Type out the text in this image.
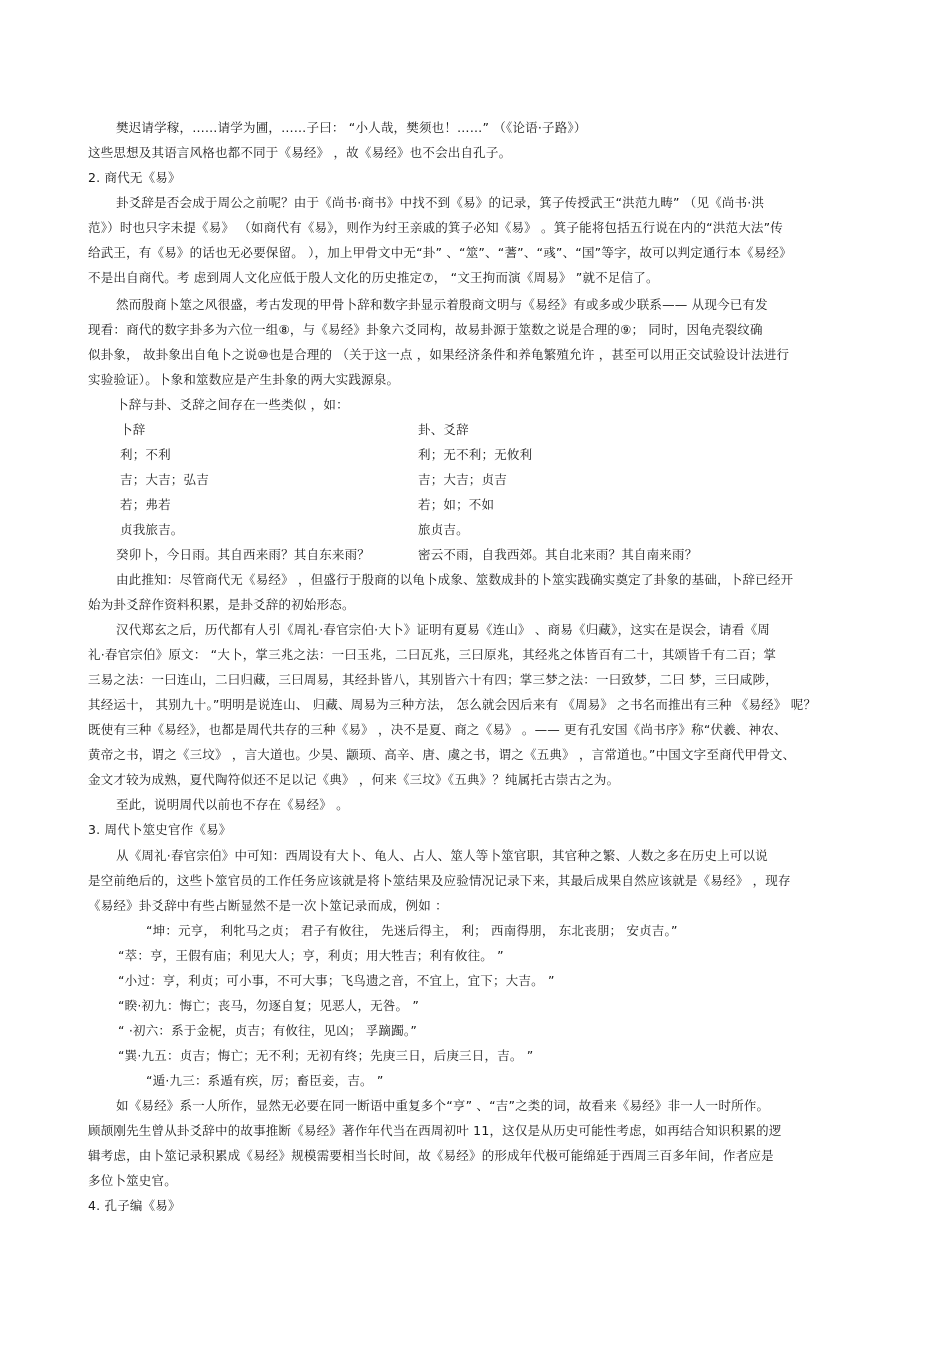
樊迟请学稼，……请学为圃，……子曰： “小人哉，樊须也！……” （《论语·子路》）
这些思想及其语言风格也都不同于《易经》 ，故《易经》也不会出自孔子。
2. 商代无《易》
卦爻辞是否会成于周公之前呢？由于《尚书·商书》中找不到《易》的记录，箕子传授武王“洪范九畴” （见《尚书·洪
范》）时也只字未提《易》 （如商代有《易》，则作为纣王亲戚的箕子必知《易》 。箕子能将包括五行说在内的“洪范大法”传
给武王，有《易》的话也无必要保留。 ），加上甲骨文中无“卦” 、“筮”、“蓍”、“彧”、“国”等字，故可以判定通行本《易经》
不是出自商代。考 虑到周人文化应低于殷人文化的历史推定⑦， “文王拘而演《周易》 ”就不足信了。
然而殷商卜筮之风很盛，考古发现的甲骨卜辞和数字卦显示着殷商文明与《易经》有或多或少联系—— 从现今已有发
现看：商代的数字卦多为六位一组⑧，与《易经》卦象六爻同构，故易卦源于筮数之说是合理的⑨； 同时，因龟壳裂纹确
似卦象， 故卦象出自龟卜之说⑩也是合理的 （关于这一点 ，如果经济条件和养龟繁殖允许 ，甚至可以用正交试验设计法进行
实验验证）。卜象和筮数应是产生卦象的两大实践源泉。
卜辞与卦、爻辞之间存在一些类似 ，如：
卜辞	卦、爻辞
利；不利	利；无不利；无攸利
吉；大吉；弘吉	吉；大吉；贞吉
若；弗若	若；如；不如
贞我旅吉。	旅贞吉。
癸卯卜，今日雨。其自西来雨？其自东来雨？	密云不雨，自我西郊。其自北来雨？其自南来雨？
由此推知：尽管商代无《易经》 ，但盛行于殷商的以龟卜成象、筮数成卦的卜筮实践确实奠定了卦象的基础，卜辞已经开
始为卦爻辞作资料积累，是卦爻辞的初始形态。
汉代郑玄之后，历代都有人引《周礼·春官宗伯·大卜》证明有夏易《连山》 、商易《归藏》，这实在是误会，请看《周
礼·春官宗伯》原文： “大卜，掌三兆之法：一曰玉兆，二曰瓦兆，三曰原兆，其经兆之体皆百有二十，其颂皆千有二百；掌
三易之法：一曰连山，二曰归藏，三曰周易，其经卦皆八，其别皆六十有四；掌三梦之法：一曰致梦，二曰 梦，三曰咸陟，
其经运十， 其别九十。”明明是说连山、 归藏、周易为三种方法， 怎么就会因后来有 《周易》 之书名而推出有三种 《易经》 呢？
既使有三种《易经》，也都是周代共存的三种《易》 ，决不是夏、商之《易》 。—— 更有孔安国《尚书序》称“伏羲、神农、
黄帝之书，谓之《三坟》 ，言大道也。少昊、颛顼、高辛、唐、虞之书，谓之《五典》 ，言常道也。”中国文字至商代甲骨文、
金文才较为成熟，夏代陶符似还不足以记《典》 ，何来《三坟》《五典》？纯属托古崇古之为。
至此，说明周代以前也不存在《易经》 。
3. 周代卜筮史官作《易》
从《周礼·春官宗伯》中可知：西周设有大卜、龟人、占人、筮人等卜筮官职，其官种之繁、人数之多在历史上可以说
是空前绝后的，这些卜筮官员的工作任务应该就是将卜筮结果及应验情况记录下来，其最后成果自然应该就是《易经》 ，现存
《易经》卦爻辞中有些占断显然不是一次卜筮记录而成，例如 ：
“坤：元亨， 利牝马之贞； 君子有攸往， 先迷后得主， 利； 西南得朋， 东北丧朋； 安贞吉。”
“萃：亨，王假有庙；利见大人；亨，利贞；用大牲吉；利有攸往。 ”
“小过：亨，利贞；可小事，不可大事；飞鸟遗之音，不宜上，宜下；大吉。 ”
“睽·初九：悔亡；丧马，勿逐自复；见恶人，无咎。 ”
“ ·初六：系于金柅，贞吉；有攸往，见凶； 孚蹢躅。”
“巽·九五：贞吉；悔亡；无不利；无初有终；先庚三日，后庚三日，吉。 ”
“遁·九三：系遁有疾，厉；畜臣妾，吉。 ”
如《易经》系一人所作，显然无必要在同一断语中重复多个“亨” 、“吉”之类的词，故看来《易经》非一人一时所作。
顾颉刚先生曾从卦爻辞中的故事推断《易经》著作年代当在西周初叶 11，这仅是从历史可能性考虑，如再结合知识积累的逻
辑考虑，由卜筮记录积累成《易经》规模需要相当长时间，故《易经》的形成年代极可能绵延于西周三百多年间，作者应是
多位卜筮史官。
4. 孔子编《易》
